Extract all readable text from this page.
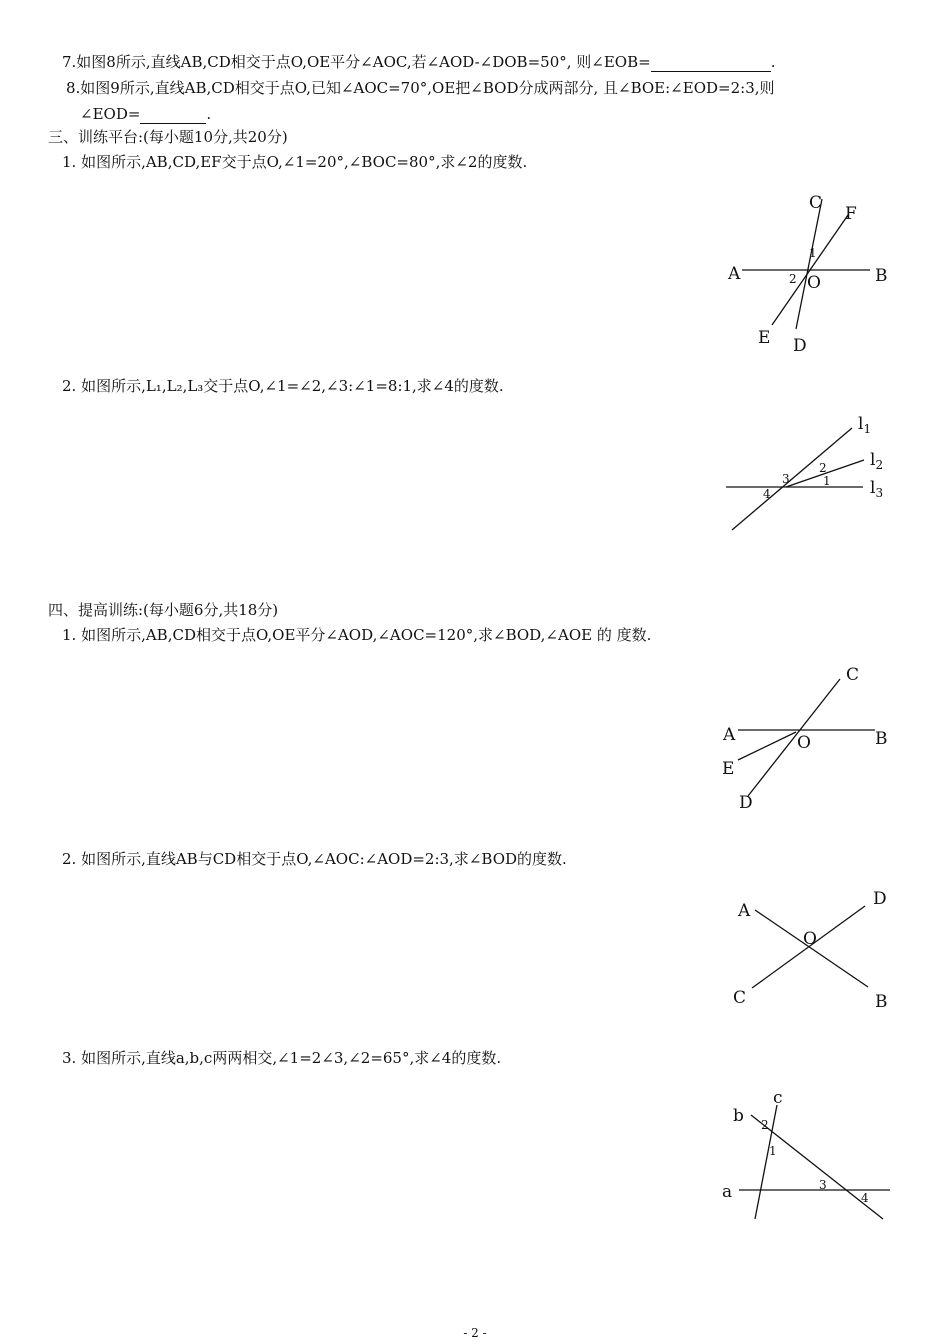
7.如图8所示,直线AB,CD相交于点O,OE平分∠AOC,若∠AOD-∠DOB=50°, 则∠EOB=	.
8.如图9所示,直线AB,CD相交于点O,已知∠AOC=70°,OE把∠BOD分成两部分, 且∠BOE:∠EOD=2:3,则
∠EOD=	.
三、训练平台:(每小题10分,共20分)
1. 如图所示,AB,CD,EF交于点O,∠1=20°,∠BOC=80°,求∠2的度数.
C
F
A	B
O
E D
1
2
2. 如图所示,L₁,L₂,L₃交于点O,∠1=∠2,∠3:∠1=8:1,求∠4的度数.
$l_1$
$l_2$
$l_3$
3
2
1
4
四、提高训练:(每小题6分,共18分)
1. 如图所示,AB,CD相交于点O,OE平分∠AOD,∠AOC=120°,求∠BOD,∠AOE 的 度数.
C
A	O	B
E
D
2. 如图所示,直线AB与CD相交于点O,∠AOC:∠AOD=2:3,求∠BOD的度数.
A
D
O
C	B
3. 如图所示,直线a,b,c两两相交,∠1=2∠3,∠2=65°,求∠4的度数.
b
c
a
2
1
3
4
- 2 -
